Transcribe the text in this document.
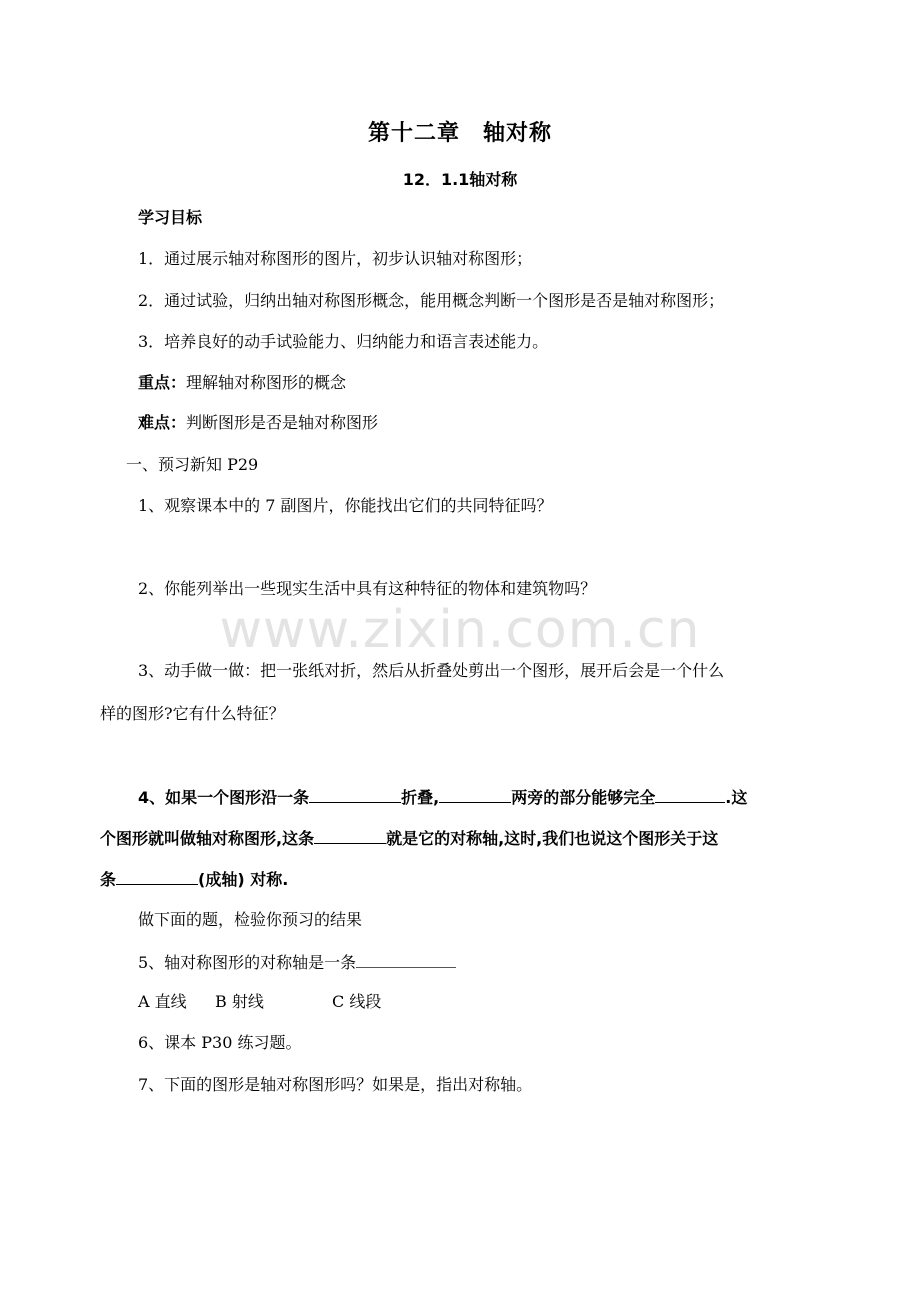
www.zixin.com.cn
第十二章　轴对称
12．1.1轴对称
学习目标
1．通过展示轴对称图形的图片，初步认识轴对称图形；
2．通过试验，归纳出轴对称图形概念，能用概念判断一个图形是否是轴对称图形；
3．培养良好的动手试验能力、归纳能力和语言表述能力。
重点：理解轴对称图形的概念
难点：判断图形是否是轴对称图形
一、预习新知 P29
1、观察课本中的 7 副图片，你能找出它们的共同特征吗？
2、你能列举出一些现实生活中具有这种特征的物体和建筑物吗？
3、动手做一做：把一张纸对折，然后从折叠处剪出一个图形，展开后会是一个什么
样的图形?它有什么特征？
4、如果一个图形沿一条	折叠,	两旁的部分能够完全	.这
个图形就叫做轴对称图形,这条	就是它的对称轴,这时,我们也说这个图形关于这
条	(成轴) 对称.
做下面的题，检验你预习的结果
5、轴对称图形的对称轴是一条
A 直线 B 射线	C 线段
6、课本 P30 练习题。
7、下面的图形是轴对称图形吗？如果是，指出对称轴。
